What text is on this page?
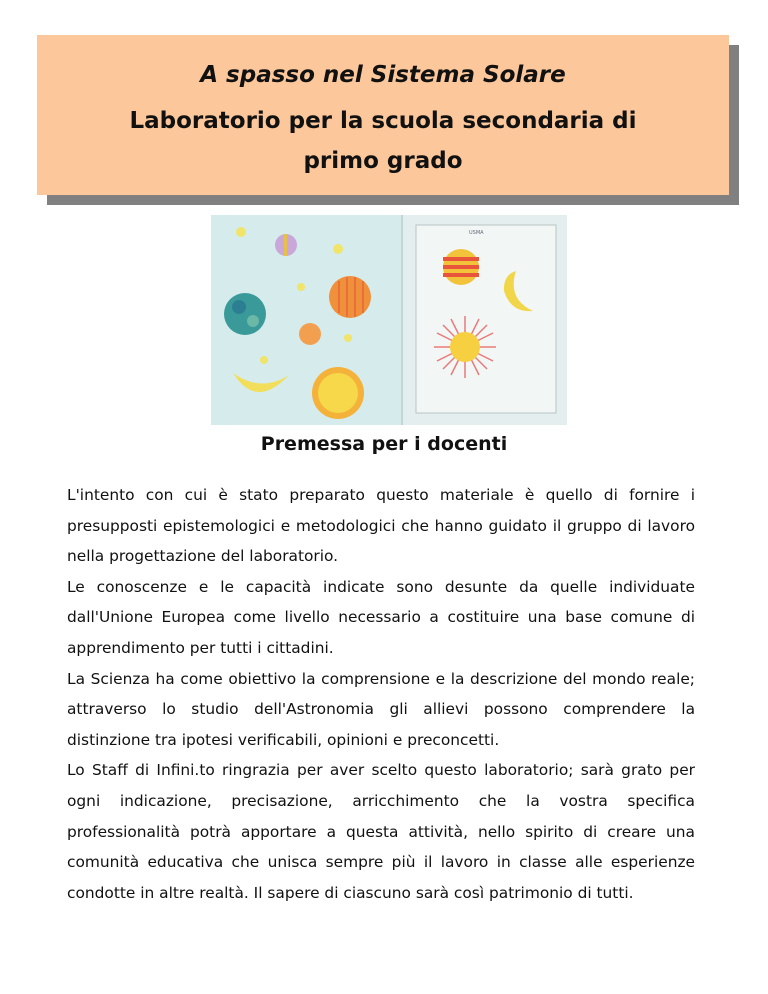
A spasso nel Sistema Solare
Laboratorio per la scuola secondaria di primo grado
USMA
Premessa per i docenti

L'intento con cui è stato preparato questo materiale è quello di fornire i presupposti epistemologici e metodologici che hanno guidato il gruppo di lavoro nella progettazione del laboratorio.

Le conoscenze e le capacità indicate sono desunte da quelle individuate dall'Unione Europea come livello necessario a costituire una base comune di apprendimento per tutti i cittadini.

La Scienza ha come obiettivo la comprensione e la descrizione del mondo reale; attraverso lo studio dell'Astronomia gli allievi possono comprendere la distinzione tra ipotesi verificabili, opinioni e preconcetti.

Lo Staff di Infini.to ringrazia per aver scelto questo laboratorio; sarà grato per ogni indicazione, precisazione, arricchimento che la vostra specifica professionalità potrà apportare a questa attività, nello spirito di creare una comunità educativa che unisca sempre più il lavoro in classe alle esperienze condotte in altre realtà. Il sapere di ciascuno sarà così patrimonio di tutti.
